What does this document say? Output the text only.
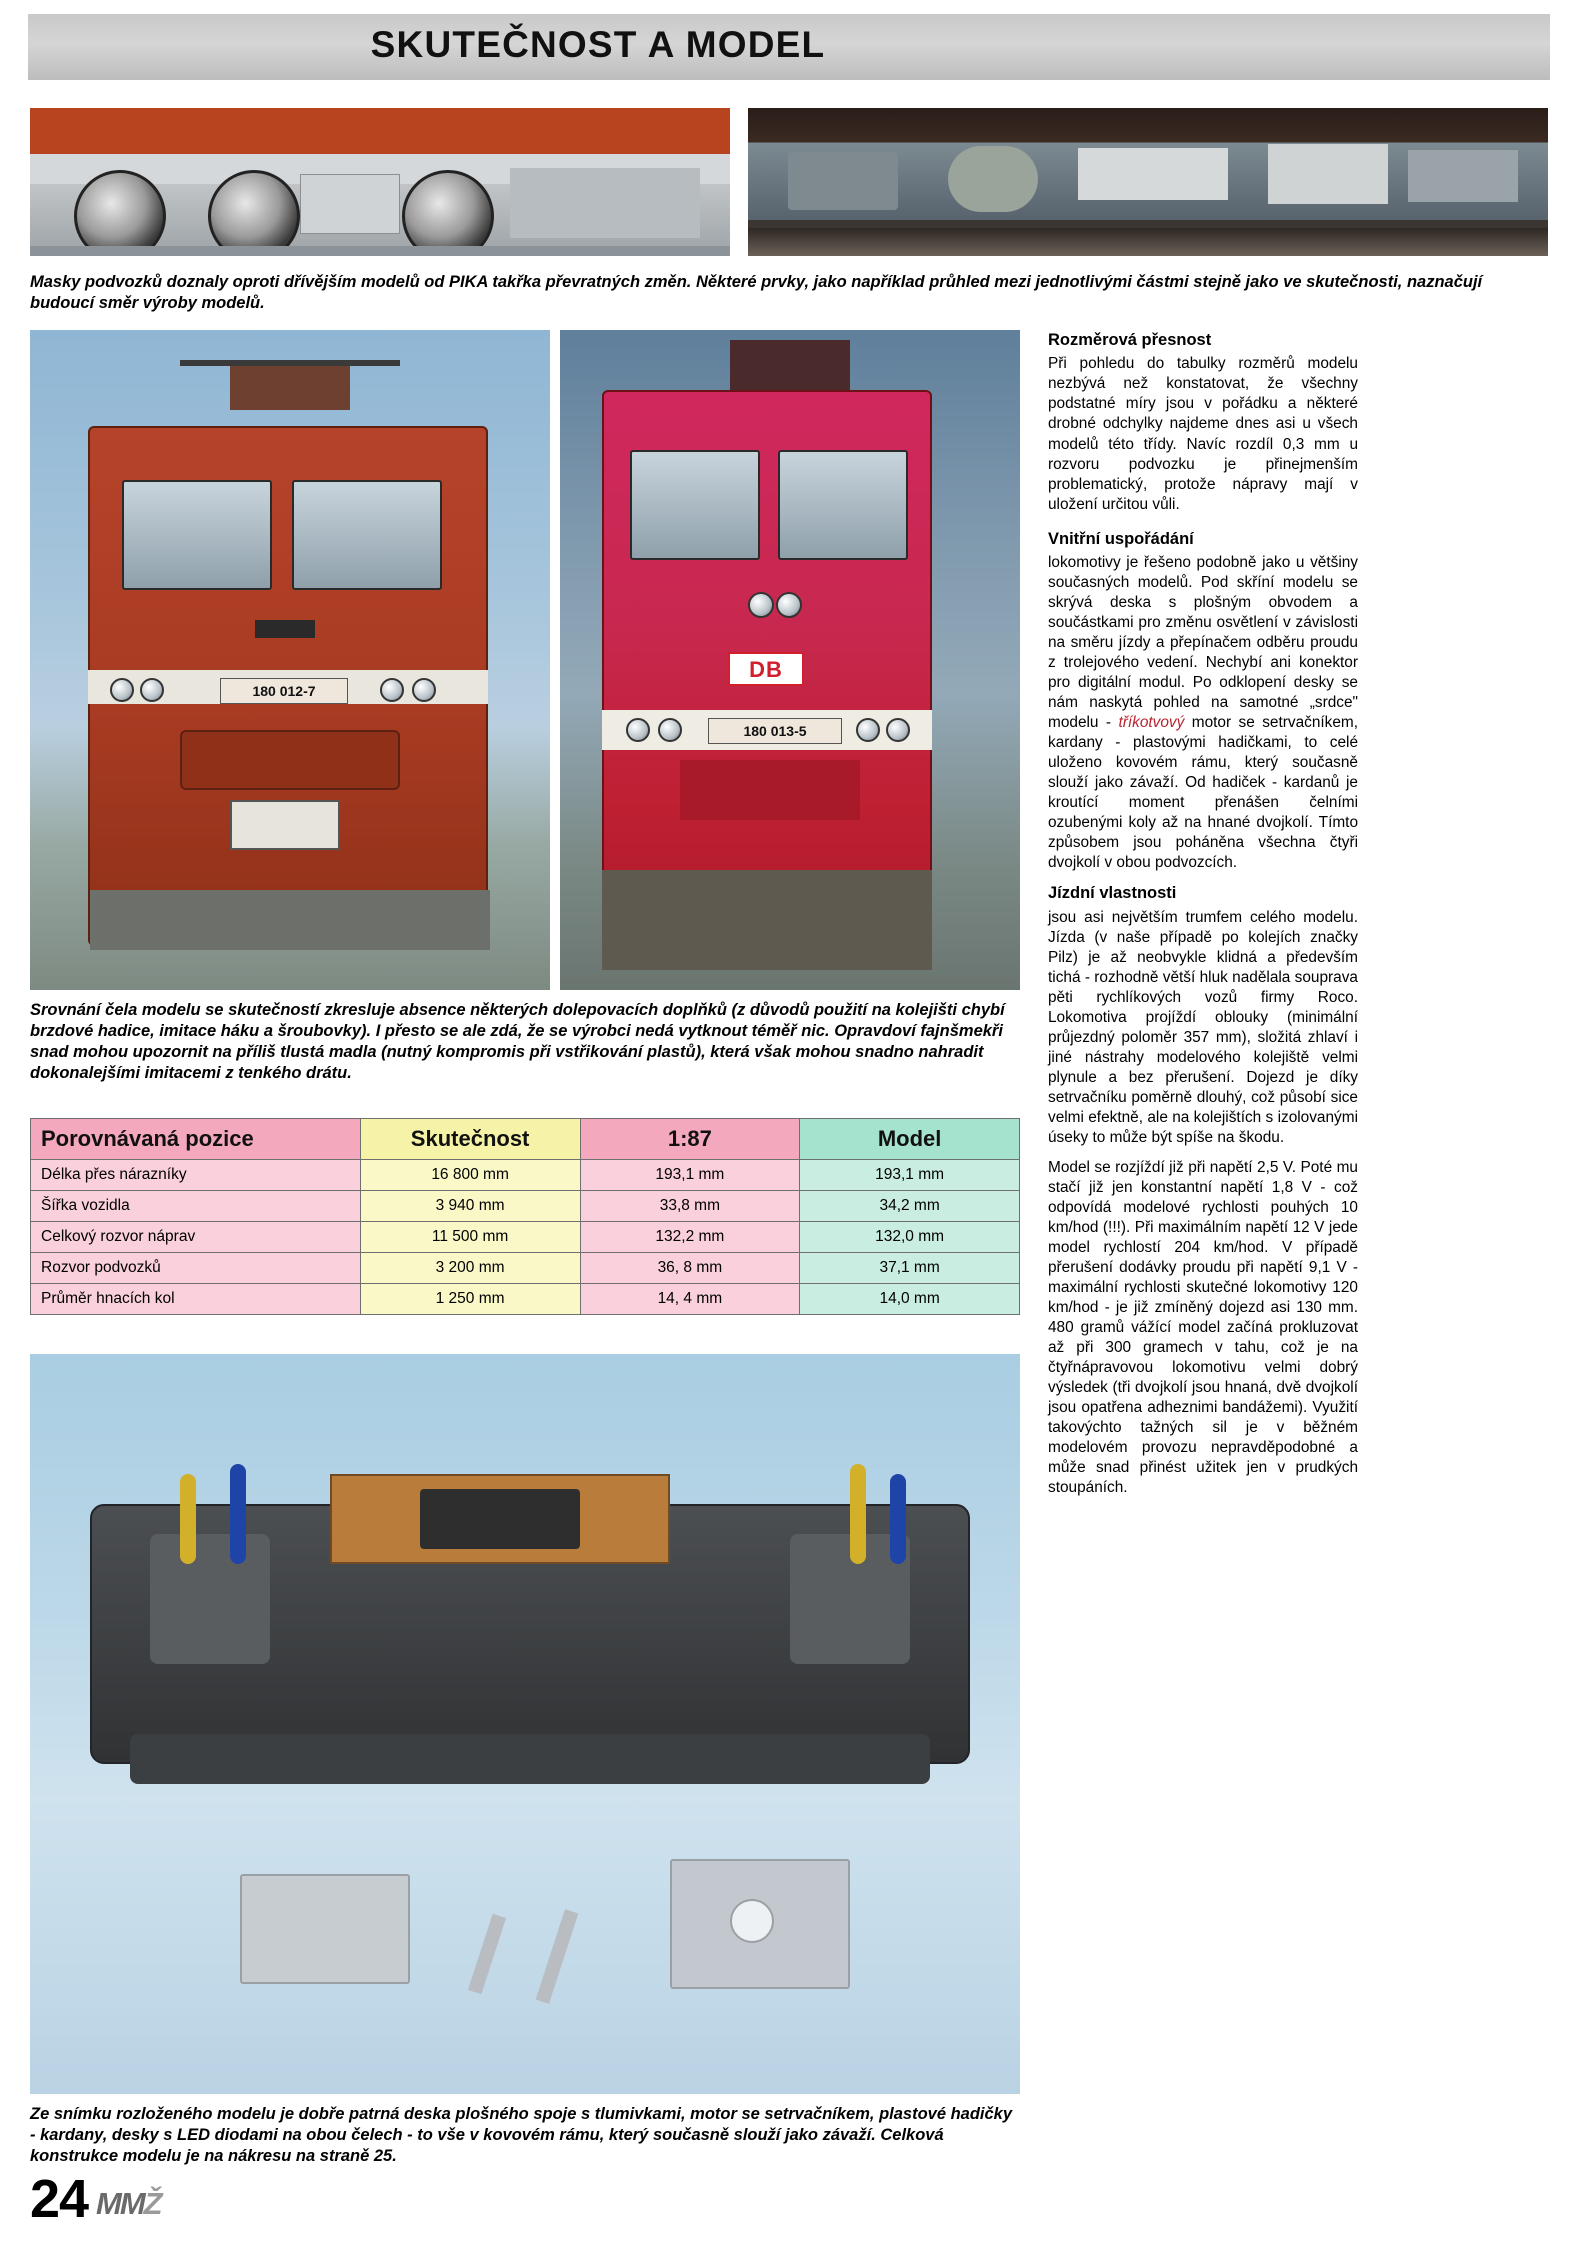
SKUTEČNOST A MODEL
Masky podvozků doznaly oproti dřívějším modelů od PIKA takřka převratných změn. Některé prvky, jako například průhled mezi jednotlivými částmi stejně jako ve skutečnosti, naznačují budoucí směr výroby modelů.
180 012-7
DB
180 013-5
Srovnání čela modelu se skutečností zkresluje absence některých dolepovacích doplňků (z důvodů použití na kolejišti chybí brzdové hadice, imitace háku a šroubovky). I přesto se ale zdá, že se výrobci nedá vytknout téměř nic. Opravdoví fajnšmekři snad mohou upozornit na příliš tlustá madla (nutný kompromis při vstřikování plastů), která však mohou snadno nahradit dokonalejšími imitacemi z tenkého drátu.
Porovnávaná pozice	Skutečnost	1:87	Model
Délka přes nárazníky	16 800 mm	193,1 mm	193,1 mm
Šířka vozidla	3 940 mm	33,8 mm	34,2 mm
Celkový rozvor náprav	11 500 mm	132,2 mm	132,0 mm
Rozvor podvozků	3 200 mm	36, 8 mm	37,1 mm
Průměr hnacích kol	1 250 mm	14, 4 mm	14,0 mm
Ze snímku rozloženého modelu je dobře patrná deska plošného spoje s tlumivkami, motor se setrvačníkem, plastové hadičky - kardany, desky s LED diodami na obou čelech - to vše v kovovém rámu, který současně slouží jako závaží. Celková konstrukce modelu je na nákresu na straně 25.
Rozměrová přesnost

Při pohledu do tabulky rozměrů modelu nezbývá než konstatovat, že všechny podstatné míry jsou v pořádku a některé drobné odchylky najdeme dnes asi u všech modelů této třídy. Navíc rozdíl 0,3 mm u rozvoru podvozku je přinejmenším problematický, protože nápravy mají v uložení určitou vůli.

Vnitřní uspořádání

lokomotivy je řešeno podobně jako u většiny současných modelů. Pod skříní modelu se skrývá deska s plošným obvodem a součástkami pro změnu osvětlení v závislosti na směru jízdy a přepínačem odběru proudu z trolejového vedení. Nechybí ani konektor pro digitální modul. Po odklopení desky se nám naskytá pohled na samotné „srdce" modelu - tříkotvový motor se setrvačníkem, kardany - plastovými hadičkami, to celé uloženo kovovém rámu, který současně slouží jako závaží. Od hadiček - kardanů je kroutící moment přenášen čelními ozubenými koly až na hnané dvojkolí. Tímto způsobem jsou poháněna všechna čtyři dvojkolí v obou podvozcích.

Jízdní vlastnosti

jsou asi největším trumfem celého modelu. Jízda (v naše případě po kolejích značky Pilz) je až neobvykle klidná a především tichá - rozhodně větší hluk nadělala souprava pěti rychlíkových vozů firmy Roco. Lokomotiva projíždí oblouky (minimální průjezdný poloměr 357 mm), složitá zhlaví i jiné nástrahy modelového kolejiště velmi plynule a bez přerušení. Dojezd je díky setrvačníku poměrně dlouhý, což působí sice velmi efektně, ale na kolejištích s izolovanými úseky to může být spíše na škodu.

Model se rozjíždí již při napětí 2,5 V. Poté mu stačí již jen konstantní napětí 1,8 V - což odpovídá modelové rychlosti pouhých 10 km/hod (!!!). Při maximálním napětí 12 V jede model rychlostí 204 km/hod. V případě přerušení dodávky proudu při napětí 9,1 V - maximální rychlosti skutečné lokomotivy 120 km/hod - je již zmíněný dojezd asi 130 mm. 480 gramů vážící model začíná prokluzovat až při 300 gramech v tahu, což je na čtyřnápravovou lokomotivu velmi dobrý výsledek (tři dvojkolí jsou hnaná, dvě dvojkolí jsou opatřena adheznimi bandážemi). Využití takovýchto tažných sil je v běžném modelovém provozu nepravděpodobné a může snad přinést užitek jen v prudkých stoupáních.

24 MMŽ
